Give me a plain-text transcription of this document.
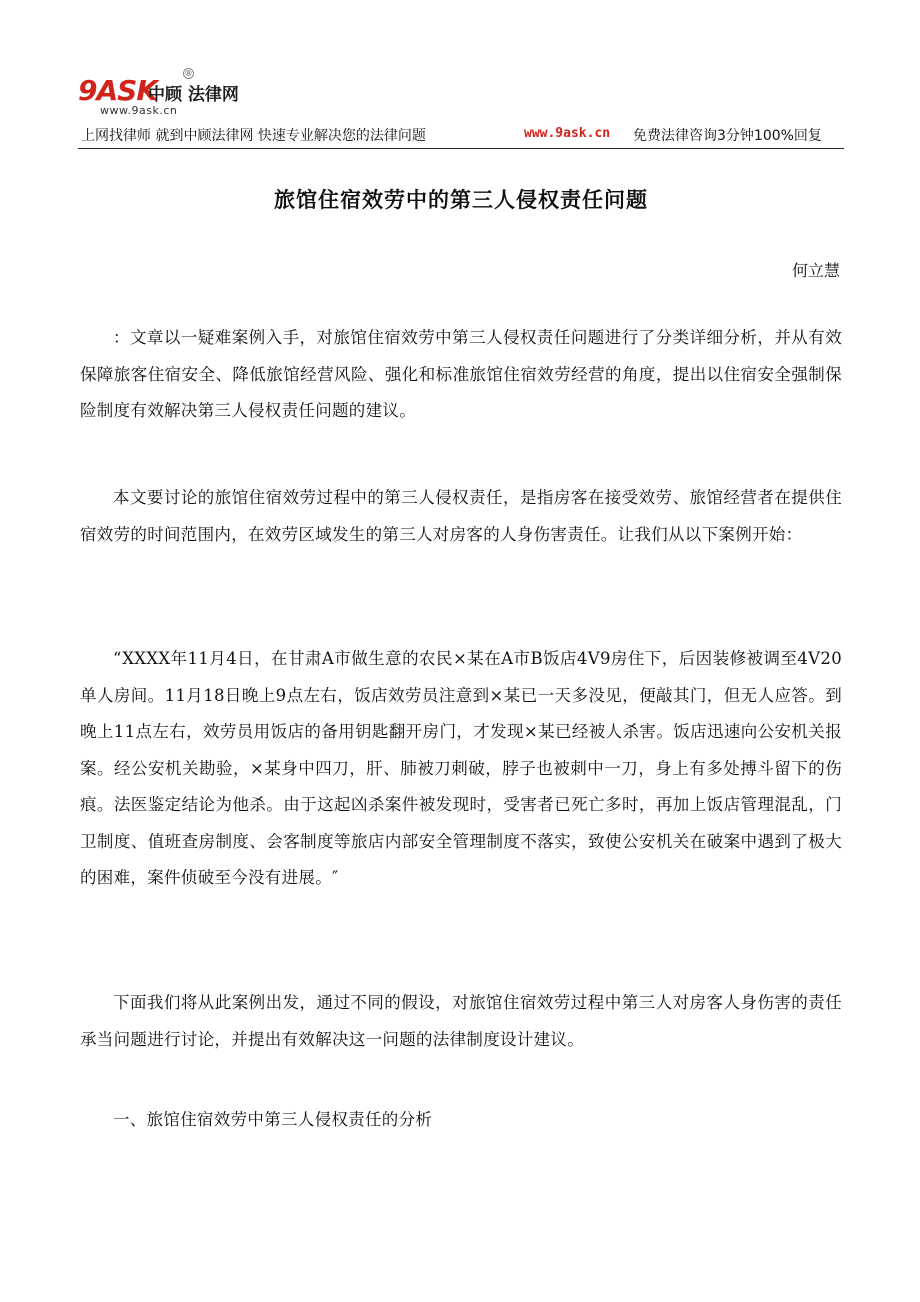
9ASK
中顾 法律网
®
www.9ask.cn
上网找律师 就到中顾法律网 快速专业解决您的法律问题	www.9ask.cn 免费法律咨询3分钟100%回复
旅馆住宿效劳中的第三人侵权责任问题
何立慧

：文章以一疑难案例入手，对旅馆住宿效劳中第三人侵权责任问题进行了分类详细分析，并从有效保障旅客住宿安全、降低旅馆经营风险、强化和标准旅馆住宿效劳经营的角度，提出以住宿安全强制保险制度有效解决第三人侵权责任问题的建议。

本文要讨论的旅馆住宿效劳过程中的第三人侵权责任，是指房客在接受效劳、旅馆经营者在提供住宿效劳的时间范围内，在效劳区域发生的第三人对房客的人身伤害责任。让我们从以下案例开始：

“XXXX年11月4日，在甘肃A市做生意的农民×某在A市B饭店4V9房住下，后因装修被调至4V20单人房间。11月18日晚上9点左右，饭店效劳员注意到×某已一天多没见，便敲其门，但无人应答。到晚上11点左右，效劳员用饭店的备用钥匙翻开房门，才发现×某已经被人杀害。饭店迅速向公安机关报案。经公安机关勘验，×某身中四刀，肝、肺被刀刺破，脖子也被刺中一刀，身上有多处搏斗留下的伤痕。法医鉴定结论为他杀。由于这起凶杀案件被发现时，受害者已死亡多时，再加上饭店管理混乱，门卫制度、值班查房制度、会客制度等旅店内部安全管理制度不落实，致使公安机关在破案中遇到了极大的困难，案件侦破至今没有进展。″

下面我们将从此案例出发，通过不同的假设，对旅馆住宿效劳过程中第三人对房客人身伤害的责任承当问题进行讨论，并提出有效解决这一问题的法律制度设计建议。

一、旅馆住宿效劳中第三人侵权责任的分析
